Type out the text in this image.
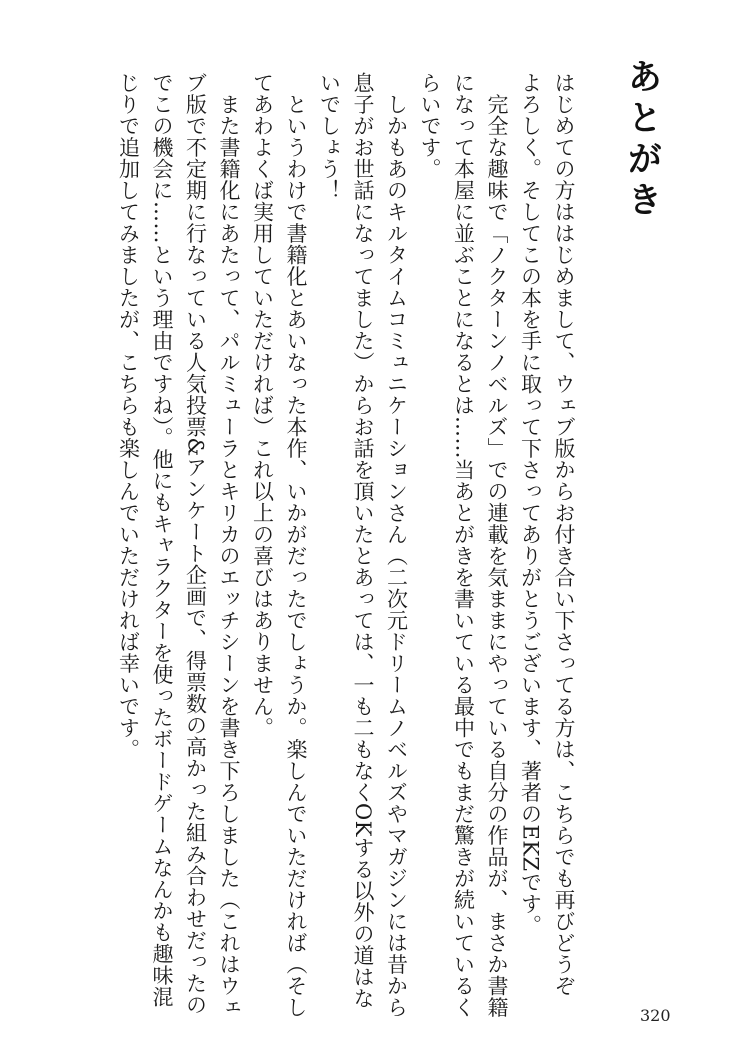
あとがき

はじめての方ははじめまして、ウェブ版からお付き合い下さってる方は、こちらでも再びどうぞ

よろしく。そしてこの本を手に取って下さってありがとうございます、著者のEKZです。

　完全な趣味で「ノクターンノベルズ」での連載を気ままにやっている自分の作品が、まさか書籍

になって本屋に並ぶことになるとは……当あとがきを書いている最中でもまだ驚きが続いているく

らいです。

　しかもあのキルタイムコミュニケーションさん（二次元ドリームノベルズやマガジンには昔から

息子がお世話になってました）からお話を頂いたとあっては、一も二もなくOKする以外の道はな

いでしょう！

　というわけで書籍化とあいなった本作、いかがだったでしょうか。楽しんでいただければ（そし

てあわよくば実用していただければ）これ以上の喜びはありません。

　また書籍化にあたって、パルミューラとキリカのエッチシーンを書き下ろしました（これはウェ

ブ版で不定期に行なっている人気投票&アンケート企画で、得票数の高かった組み合わせだったの

でこの機会に……という理由ですね）。他にもキャラクターを使ったボードゲームなんかも趣味混

じりで追加してみましたが、こちらも楽しんでいただければ幸いです。

320
